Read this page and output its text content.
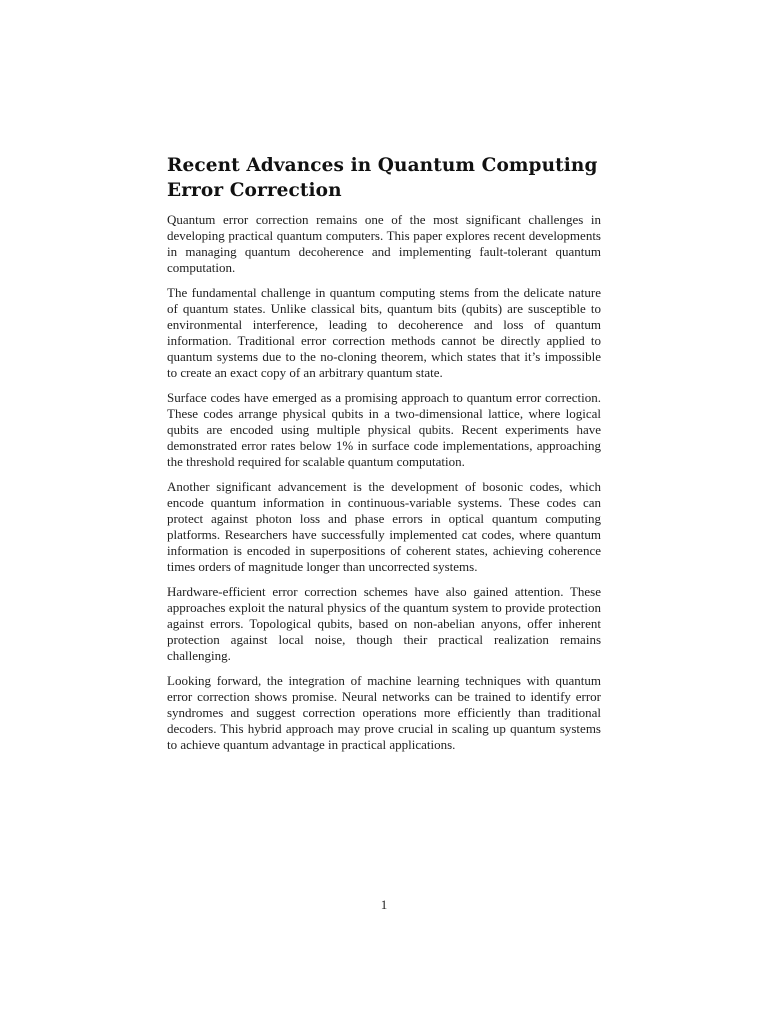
Recent Advances in Quantum Computing Error Correction

Quantum error correction remains one of the most significant challenges in developing practical quantum computers. This paper explores recent developments in managing quantum decoherence and implementing fault-tolerant quantum computation.

The fundamental challenge in quantum computing stems from the delicate nature of quantum states. Unlike classical bits, quantum bits (qubits) are susceptible to environmental interference, leading to decoherence and loss of quantum information. Traditional error correction methods cannot be directly applied to quantum systems due to the no-cloning theorem, which states that it’s impossible to create an exact copy of an arbitrary quantum state.

Surface codes have emerged as a promising approach to quantum error correction. These codes arrange physical qubits in a two-dimensional lattice, where logical qubits are encoded using multiple physical qubits. Recent experiments have demonstrated error rates below 1% in surface code implementations, approaching the threshold required for scalable quantum computation.

Another significant advancement is the development of bosonic codes, which encode quantum information in continuous-variable systems. These codes can protect against photon loss and phase errors in optical quantum computing platforms. Researchers have successfully implemented cat codes, where quantum information is encoded in superpositions of coherent states, achieving coherence times orders of magnitude longer than uncorrected systems.

Hardware-efficient error correction schemes have also gained attention. These approaches exploit the natural physics of the quantum system to provide protection against errors. Topological qubits, based on non-abelian anyons, offer inherent protection against local noise, though their practical realization remains challenging.

Looking forward, the integration of machine learning techniques with quantum error correction shows promise. Neural networks can be trained to identify error syndromes and suggest correction operations more efficiently than traditional decoders. This hybrid approach may prove crucial in scaling up quantum systems to achieve quantum advantage in practical applications.

1
